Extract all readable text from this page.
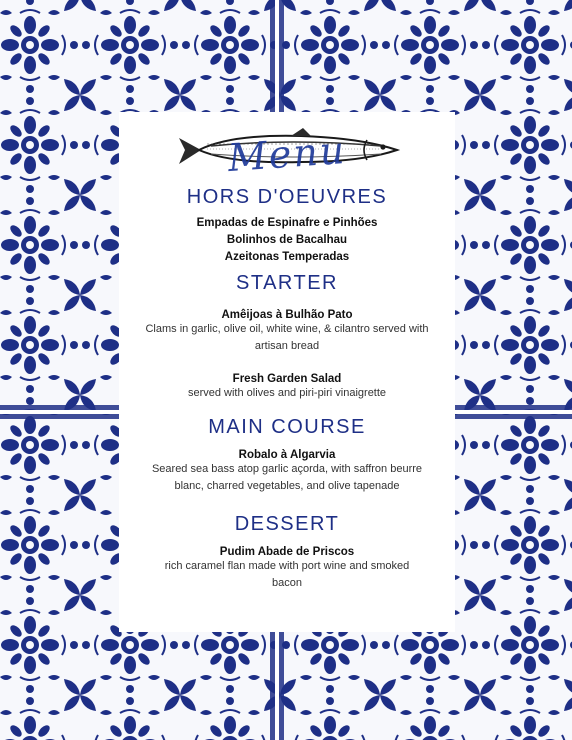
Menu
HORS D'OEUVRES
Empadas de Espinafre e Pinhões
Bolinhos de Bacalhau
Azeitonas Temperadas
STARTER
Amêijoas à Bulhão Pato
Clams in garlic, olive oil, white wine, & cilantro served with artisan bread
Fresh Garden Salad
served with olives and piri-piri vinaigrette
MAIN COURSE
Robalo à Algarvia
Seared sea bass atop garlic açorda, with saffron beurre blanc, charred vegetables, and olive tapenade
DESSERT
Pudim Abade de Priscos
rich caramel flan made with port wine and smoked bacon
